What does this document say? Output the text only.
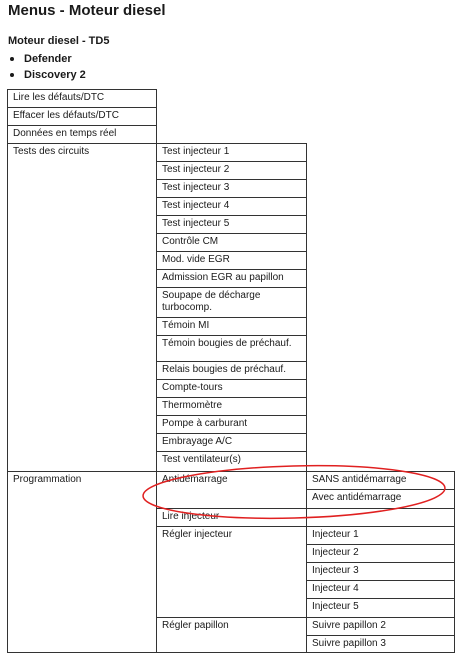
Menus - Moteur diesel
Moteur diesel - TD5
Defender
Discovery 2
Lire les défauts/DTC
Effacer les défauts/DTC
Données en temps réel
Tests des circuits
Programmation
Test injecteur 1
Test injecteur 2
Test injecteur 3
Test injecteur 4
Test injecteur 5
Contrôle CM
Mod. vide EGR
Admission EGR au papillon
Soupape de décharge turbocomp.
Témoin MI
Témoin bougies de préchauf.
Relais bougies de préchauf.
Compte-tours
Thermomètre
Pompe à carburant
Embrayage A/C
Test ventilateur(s)
Antidémarrage
Lire injecteur
Régler injecteur
Régler papillon
SANS antidémarrage
Avec antidémarrage
Injecteur 1
Injecteur 2
Injecteur 3
Injecteur 4
Injecteur 5
Suivre papillon 2
Suivre papillon 3
